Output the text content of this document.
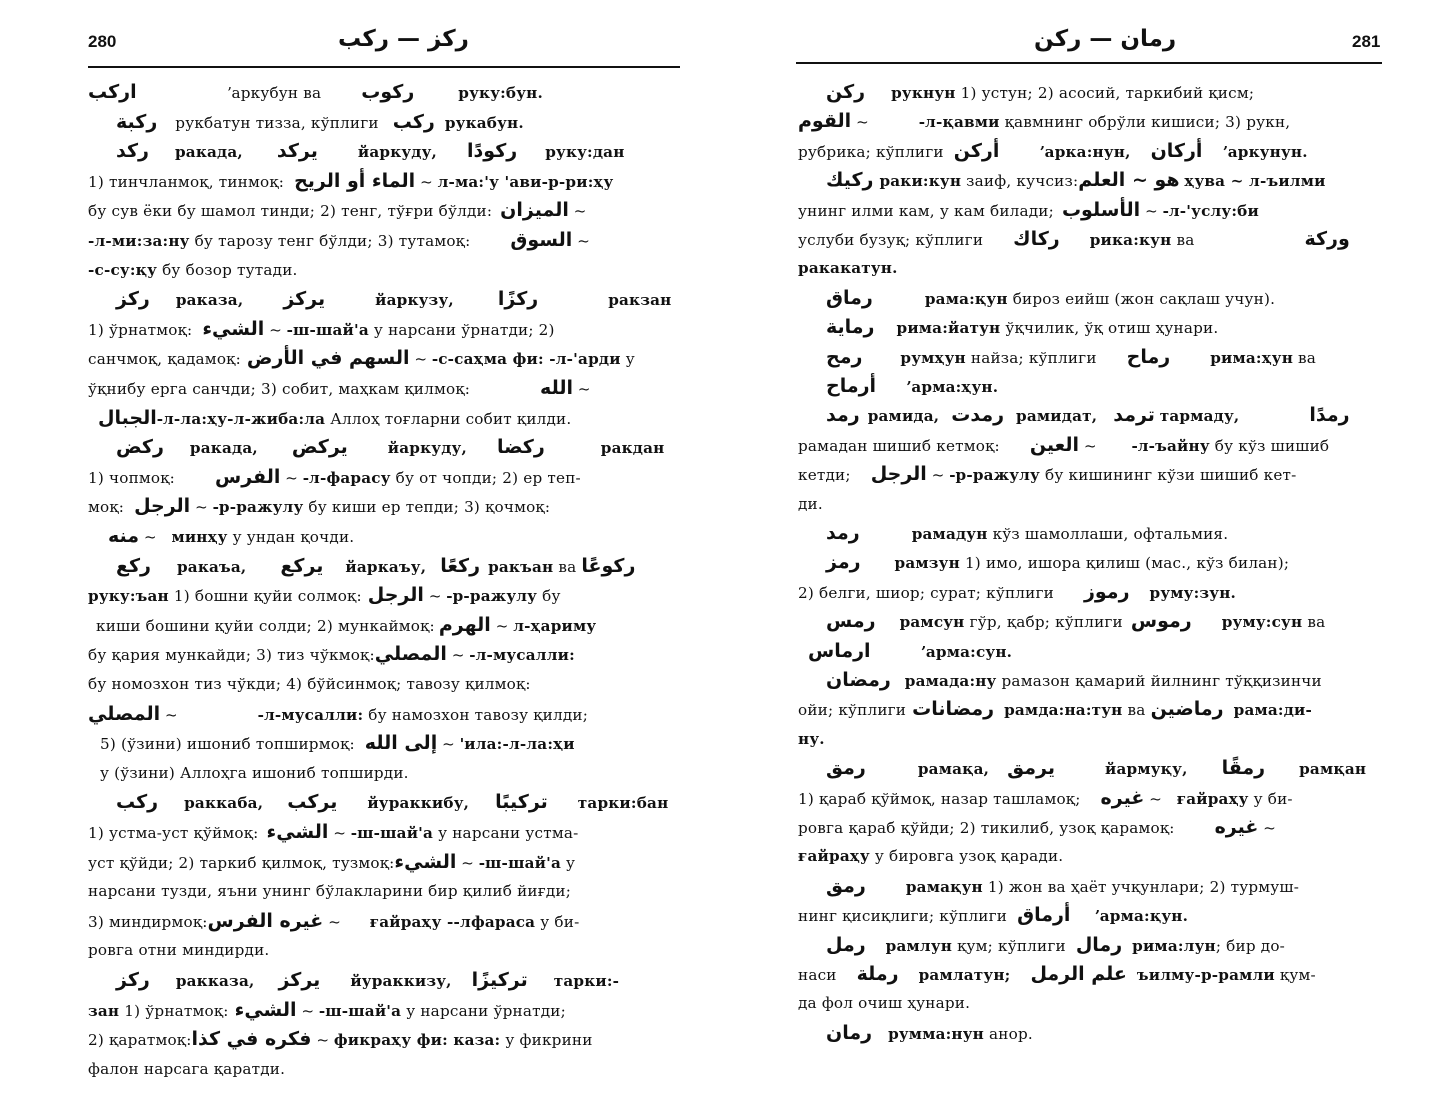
280	ركز — ركب
اركب	ʼаркубун ва ركوب	руку:бун.
ركبة рукбатун тизза, кўплиги ركب рукабун.
ركد ракада, يركد	йаркуду, ركودًا руку:дан
1) тинчланмоқ, тинмоқ: الماء أو الريح ~ л-ма:'у 'ави-р-ри:ҳу
бу сув ёки бу шамол тинди; 2) тенг, тўғри бўлди: الميزان ~
-л-ми:за:ну бу тарозу тенг бўлди; 3) тутамоқ: السوق ~
-с-су:қу бу бозор тутади.
ركز раказа, يركز	йаркузу, ركزًا	ракзан
1) ўрнатмоқ: الشيء ~ -ш-шай'а у нарсани ўрнатди; 2)
санчмоқ, қадамоқ: السهم في الأرض ~ -с-саҳма фи: -л-'арди у
ўқнибу ерга санчди; 3) собит, маҳкам қилмоқ:	الله ~
الجبال-л-ла:ҳу-л-жиба:ла Аллоҳ тоғларни собит қилди.
ركض ракада, يركض	йаркуду, ركضا	ракдан
1) чопмоқ: الفرس ~ -л-фарасу бу от чопди; 2) ер теп-
моқ: الرجل ~ -р-ражулу бу киши ер тепди; 3) қочмоқ:
منه ~ минҳу у ундан қочди.
ركع ракаъа, يركع йаркаъу, ركعًا ракъан ва ركوعًا
руку:ъан 1) бошни қуйи солмоқ: الرجل ~ -р-ражулу бу
киши бошини қуйи солди; 2) мункаймоқ: الهرم ~ л-ҳариму
бу қария мункайди; 3) тиз чўкмоқ:المصلي ~ -л-мусалли:
бу номозхон тиз чўкди; 4) бўйсинмоқ; тавозу қилмоқ:
المصلي ~	-л-мусалли: бу намозхон тавозу қилди;
5) (ўзини) ишониб топширмоқ: إلى الله ~ 'ила:-л-ла:ҳи
у (ўзини) Аллоҳга ишониб топширди.
ركب раккаба, يركب йураккибу, تركيبًا тарки:бан
1) устма-уст қўймоқ: الشيء ~ -ш-шай'а у нарсани устма-
уст қўйди; 2) таркиб қилмоқ, тузмоқ:الشيء ~ -ш-шай'а у
нарсани тузди, яъни унинг бўлакларини бир қилиб йиғди;
3) миндирмоқ:غيره الفرس ~ ғайраҳу --лфараса у би-
ровга отни миндирди.
ركز ракказа, يركز йураккизу, تركيزًا тарки:-
зан 1) ўрнатмоқ: الشيء ~ -ш-шай'а у нарсани ўрнатди;
2) қаратмоқ:فكره في كذا ~ фикраҳу фи: каза: у фикрини
фалон нарсага қаратди.
281
رمان — ركن
ركن рукнун 1) устун; 2) асосий, таркибий қисм;
القوم ~	-л-қавми қавмнинг обрўли кишиси; 3) рукн,
рубрика; кўплиги أركن	ʼарка:нун, أركان ʼаркунун.
ركيك раки:кун заиф, кучсиз:هو ~ العلم ҳува ~ л-ъилми
унинг илми кам, у кам билади; الأسلوب ~ -л-'услу:би
услуби бузуқ; кўплиги ركاك рика:кун ва	وركة
ракакатун.
رماق	рама:қун бироз еийш (жон сақлаш учун).
رماية рима:йатун ўқчилик, ўқ отиш ҳунари.
رمح	румҳун найза; кўплиги رماح	рима:ҳун ва
أرماح ʼарма:ҳун.
رمد рамида, رمدت рамидат, ترمد тармаду,	رمدًا
рамадан шишиб кетмоқ: العين ~ -л-ъайну бу кўз шишиб
кетди; الرجل ~ -р-ражулу бу кишининг кўзи шишиб кет-
ди.
رمد	рамадун кўз шамоллаши, офтальмия.
رمز рамзун 1) имо, ишора қилиш (мас., кўз билан);
2) белги, шиор; сурат; кўплиги رموز руму:зун.
رمس рамсун гўр, қабр; кўплиги رموس руму:сун ва
ارماس	ʼарма:сун.
رمضان рамада:ну рамазон қамарий йилнинг тўққизинчи
ойи; кўплиги رمضانات рамда:на:тун ва رماضين рама:ди-
ну.
رمق	рамақа, يرمق	йармуқу, رمقًا рамқан
1) қараб қўймоқ, назар ташламоқ; غيره ~ ғайраҳу у би-
ровга қараб қўйди; 2) тикилиб, узоқ қарамоқ: غيره ~
ғайраҳу у бировга узоқ қаради.
رمق	рамақун 1) жон ва ҳаёт учқунлари; 2) турмуш-
нинг қисиқлиги; кўплиги أرماق ʼарма:қун.
رمل рамлун қум; кўплиги رمال рима:лун; бир до-
наси رملة рамлатун; علم الرمل ъилму-р-рамли қум-
да фол очиш ҳунари.
رمان румма:нун анор.
